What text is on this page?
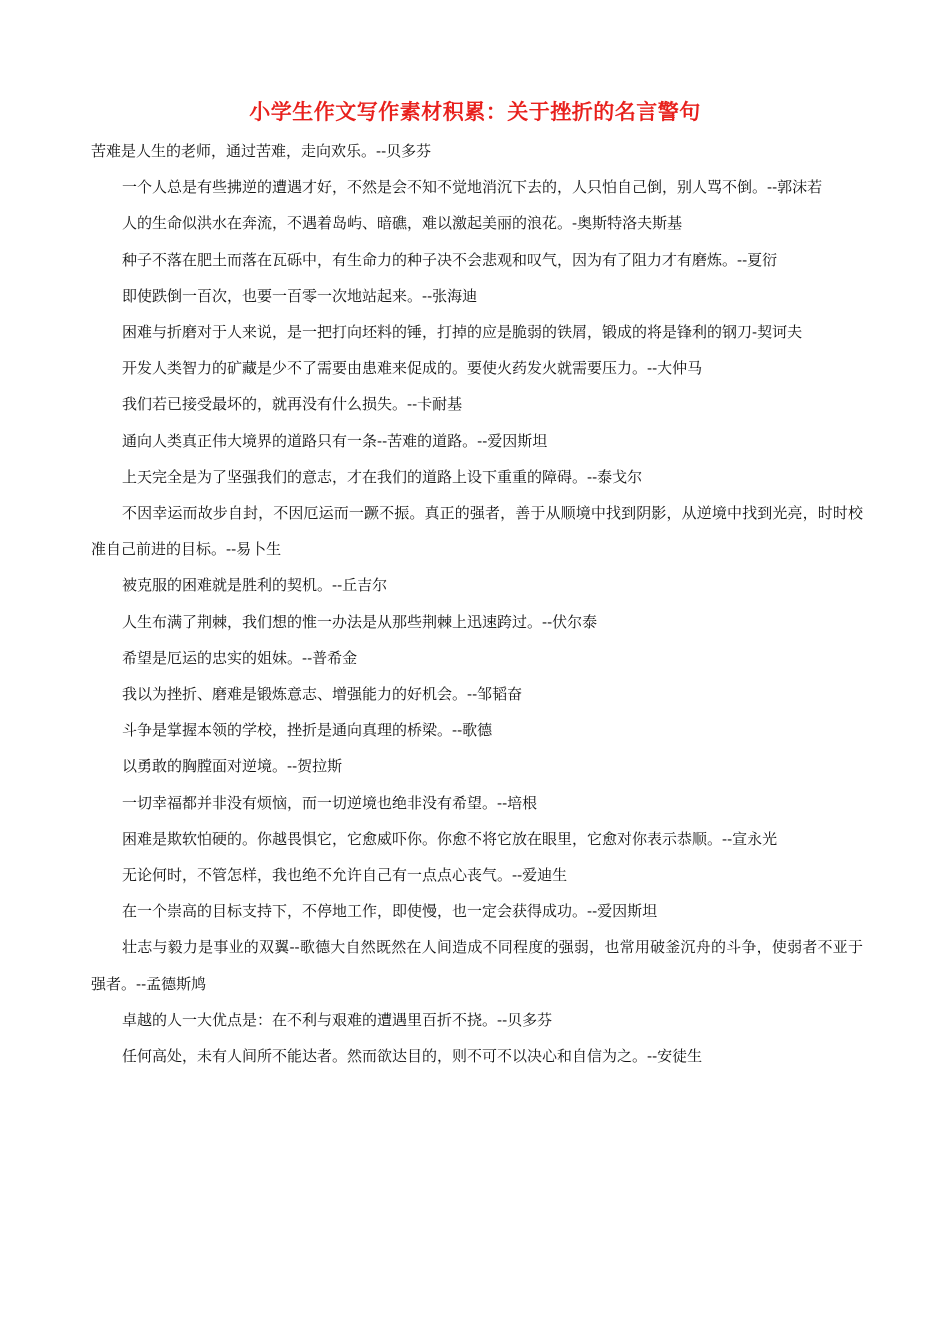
小学生作文写作素材积累：关于挫折的名言警句

苦难是人生的老师，通过苦难，走向欢乐。--贝多芬

一个人总是有些拂逆的遭遇才好，不然是会不知不觉地消沉下去的，人只怕自己倒，别人骂不倒。--郭沫若

人的生命似洪水在奔流，不遇着岛屿、暗礁，难以激起美丽的浪花。-奥斯特洛夫斯基

种子不落在肥土而落在瓦砾中，有生命力的种子决不会悲观和叹气，因为有了阻力才有磨炼。--夏衍

即使跌倒一百次，也要一百零一次地站起来。--张海迪

困难与折磨对于人来说，是一把打向坯料的锤，打掉的应是脆弱的铁屑，锻成的将是锋利的钢刀-契诃夫

开发人类智力的矿藏是少不了需要由患难来促成的。要使火药发火就需要压力。--大仲马

我们若已接受最坏的，就再没有什么损失。--卡耐基

通向人类真正伟大境界的道路只有一条--苦难的道路。--爱因斯坦

上天完全是为了坚强我们的意志，才在我们的道路上设下重重的障碍。--泰戈尔

不因幸运而故步自封，不因厄运而一蹶不振。真正的强者，善于从顺境中找到阴影，从逆境中找到光亮，时时校准自己前进的目标。--易卜生

被克服的困难就是胜利的契机。--丘吉尔

人生布满了荆棘，我们想的惟一办法是从那些荆棘上迅速跨过。--伏尔泰

希望是厄运的忠实的姐妹。--普希金

我以为挫折、磨难是锻炼意志、增强能力的好机会。--邹韬奋

斗争是掌握本领的学校，挫折是通向真理的桥梁。--歌德

以勇敢的胸膛面对逆境。--贺拉斯

一切幸福都并非没有烦恼，而一切逆境也绝非没有希望。--培根

困难是欺软怕硬的。你越畏惧它，它愈威吓你。你愈不将它放在眼里，它愈对你表示恭顺。--宣永光

无论何时，不管怎样，我也绝不允许自己有一点点心丧气。--爱迪生

在一个崇高的目标支持下，不停地工作，即使慢，也一定会获得成功。--爱因斯坦

壮志与毅力是事业的双翼--歌德大自然既然在人间造成不同程度的强弱，也常用破釜沉舟的斗争，使弱者不亚于强者。--孟德斯鸠

卓越的人一大优点是：在不利与艰难的遭遇里百折不挠。--贝多芬

任何高处，未有人间所不能达者。然而欲达目的，则不可不以决心和自信为之。--安徒生
